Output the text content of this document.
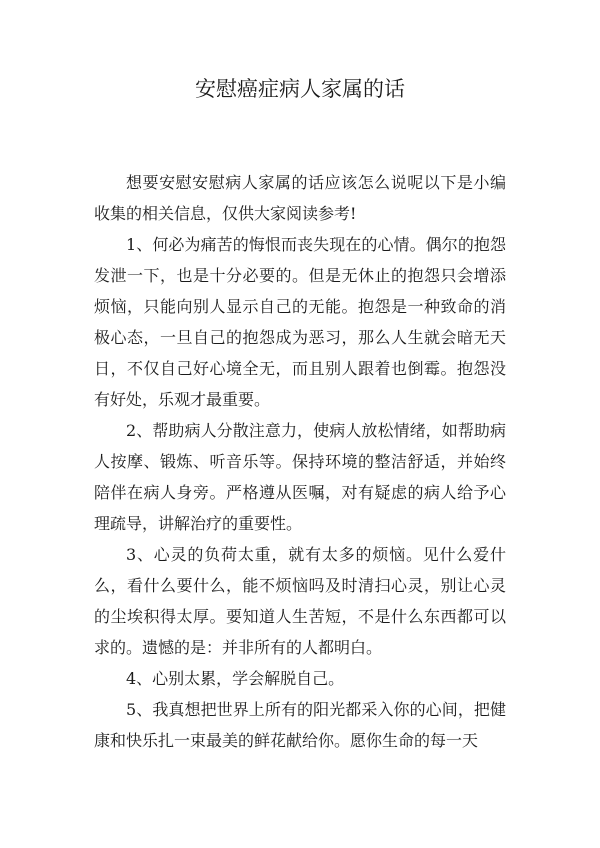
安慰癌症病人家属的话

想要安慰安慰病人家属的话应该怎么说呢以下是小编收集的相关信息，仅供大家阅读参考!

1、何必为痛苦的悔恨而丧失现在的心情。偶尔的抱怨发泄一下，也是十分必要的。但是无休止的抱怨只会增添烦恼，只能向别人显示自己的无能。抱怨是一种致命的消极心态，一旦自己的抱怨成为恶习，那么人生就会暗无天日，不仅自己好心境全无，而且别人跟着也倒霉。抱怨没有好处，乐观才最重要。

2、帮助病人分散注意力，使病人放松情绪，如帮助病人按摩、锻炼、听音乐等。保持环境的整洁舒适，并始终陪伴在病人身旁。严格遵从医嘱，对有疑虑的病人给予心理疏导，讲解治疗的重要性。

3、心灵的负荷太重，就有太多的烦恼。见什么爱什么，看什么要什么，能不烦恼吗及时清扫心灵，别让心灵的尘埃积得太厚。要知道人生苦短，不是什么东西都可以求的。遗憾的是：并非所有的人都明白。

4、心别太累，学会解脱自己。

5、我真想把世界上所有的阳光都采入你的心间，把健康和快乐扎一束最美的鲜花献给你。愿你生命的每一天
